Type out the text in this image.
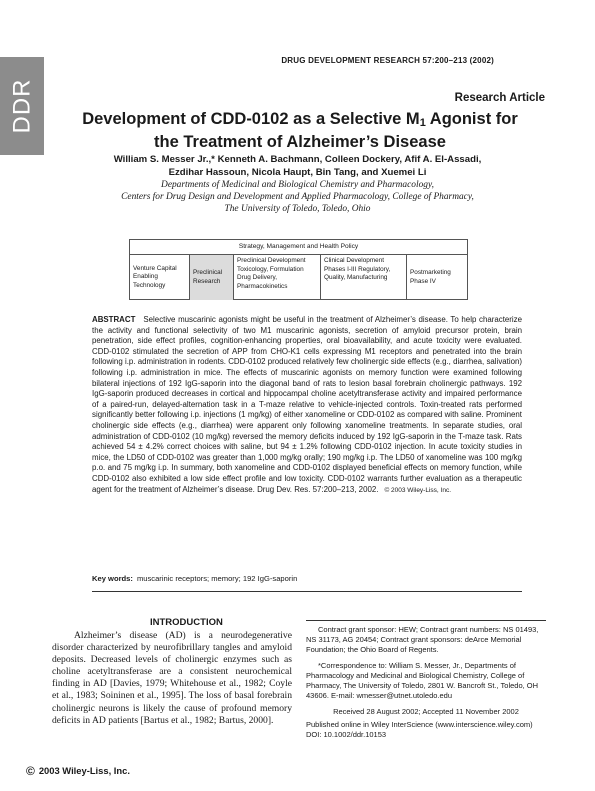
DDR
DRUG DEVELOPMENT RESEARCH 57:200–213 (2002)
Research Article
Development of CDD-0102 as a Selective M1 Agonist for
the Treatment of Alzheimer’s Disease
William S. Messer Jr.,* Kenneth A. Bachmann, Colleen Dockery, Afif A. El-Assadi,
Ezdihar Hassoun, Nicola Haupt, Bin Tang, and Xuemei Li
Departments of Medicinal and Biological Chemistry and Pharmacology,
Centers for Drug Design and Development and Applied Pharmacology, College of Pharmacy,
The University of Toledo, Toledo, Ohio
Strategy, Management and Health Policy
Venture Capital Enabling Technology
Preclinical Research
Preclinical Development Toxicology, Formulation Drug Delivery, Pharmacokinetics
Clinical Development Phases I-III Regulatory, Quality, Manufacturing
Postmarketing Phase IV
ABSTRACT Selective muscarinic agonists might be useful in the treatment of Alzheimer’s disease. To help characterize the activity and functional selectivity of two M1 muscarinic agonists, secretion of amyloid precursor protein, brain penetration, side effect profiles, cognition-enhancing properties, oral bioavailability, and acute toxicity were evaluated. CDD-0102 stimulated the secretion of APP from CHO-K1 cells expressing M1 receptors and penetrated into the brain following i.p. administration in rodents. CDD-0102 produced relatively few cholinergic side effects (e.g., diarrhea, salivation) following i.p. administration in mice. The effects of muscarinic agonists on memory function were examined following bilateral injections of 192 IgG-saporin into the diagonal band of rats to lesion basal forebrain cholinergic pathways. 192 IgG-saporin produced decreases in cortical and hippocampal choline acetyltransferase activity and impaired performance of a paired-run, delayed-alternation task in a T-maze relative to vehicle-injected controls. Toxin-treated rats performed significantly better following i.p. injections (1 mg/kg) of either xanomeline or CDD-0102 as compared with saline. Prominent cholinergic side effects (e.g., diarrhea) were apparent only following xanomeline treatments. In separate studies, oral administration of CDD-0102 (10 mg/kg) reversed the memory deficits induced by 192 IgG-saporin in the T-maze task. Rats achieved 54 ± 4.2% correct choices with saline, but 94 ± 1.2% following CDD-0102 injection. In acute toxicity studies in mice, the LD50 of CDD-0102 was greater than 1,000 mg/kg orally; 190 mg/kg i.p. The LD50 of xanomeline was 100 mg/kg p.o. and 75 mg/kg i.p. In summary, both xanomeline and CDD-0102 displayed beneficial effects on memory function, while CDD-0102 also exhibited a low side effect profile and low toxicity. CDD-0102 warrants further evaluation as a therapeutic agent for the treatment of Alzheimer’s disease. Drug Dev. Res. 57:200–213, 2002. © 2003 Wiley-Liss, Inc.
Key words: muscarinic receptors; memory; 192 IgG-saporin
INTRODUCTION
Alzheimer’s disease (AD) is a neurodegenerative disorder characterized by neurofibrillary tangles and amyloid deposits. Decreased levels of cholinergic enzymes such as choline acetyltransferase are a consistent neurochemical finding in AD [Davies, 1979; Whitehouse et al., 1982; Coyle et al., 1983; Soininen et al., 1995]. The loss of basal forebrain cholinergic neurons is likely the cause of profound memory deficits in AD patients [Bartus et al., 1982; Bartus, 2000].

Contract grant sponsor: HEW; Contract grant numbers: NS 01493, NS 31173, AG 20454; Contract grant sponsors: deArce Memorial Foundation; the Ohio Board of Regents.

*Correspondence to: William S. Messer, Jr., Departments of Pharmacology and Medicinal and Biological Chemistry, College of Pharmacy, The University of Toledo, 2801 W. Bancroft St., Toledo, OH 43606. E-mail: wmesser@utnet.utoledo.edu

Received 28 August 2002; Accepted 11 November 2002

Published online in Wiley InterScience (www.interscience.wiley.com) DOI: 10.1002/ddr.10153

© 2003 Wiley-Liss, Inc.
